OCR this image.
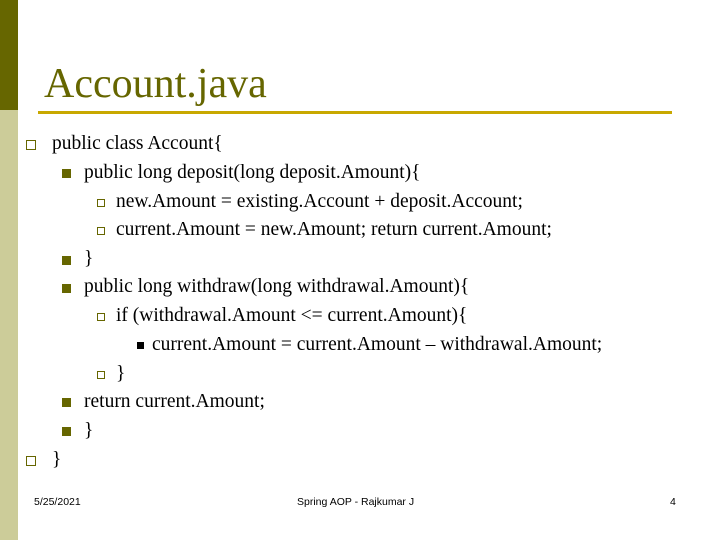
Account.java
public class Account{
public long deposit(long deposit.Amount){
new.Amount = existing.Account + deposit.Account;
current.Amount = new.Amount; return current.Amount;
}
public long withdraw(long withdrawal.Amount){
if (withdrawal.Amount <= current.Amount){
current.Amount = current.Amount – withdrawal.Amount;
}
return current.Amount;
}
}
5/25/2021	Spring AOP - Rajkumar J	4
